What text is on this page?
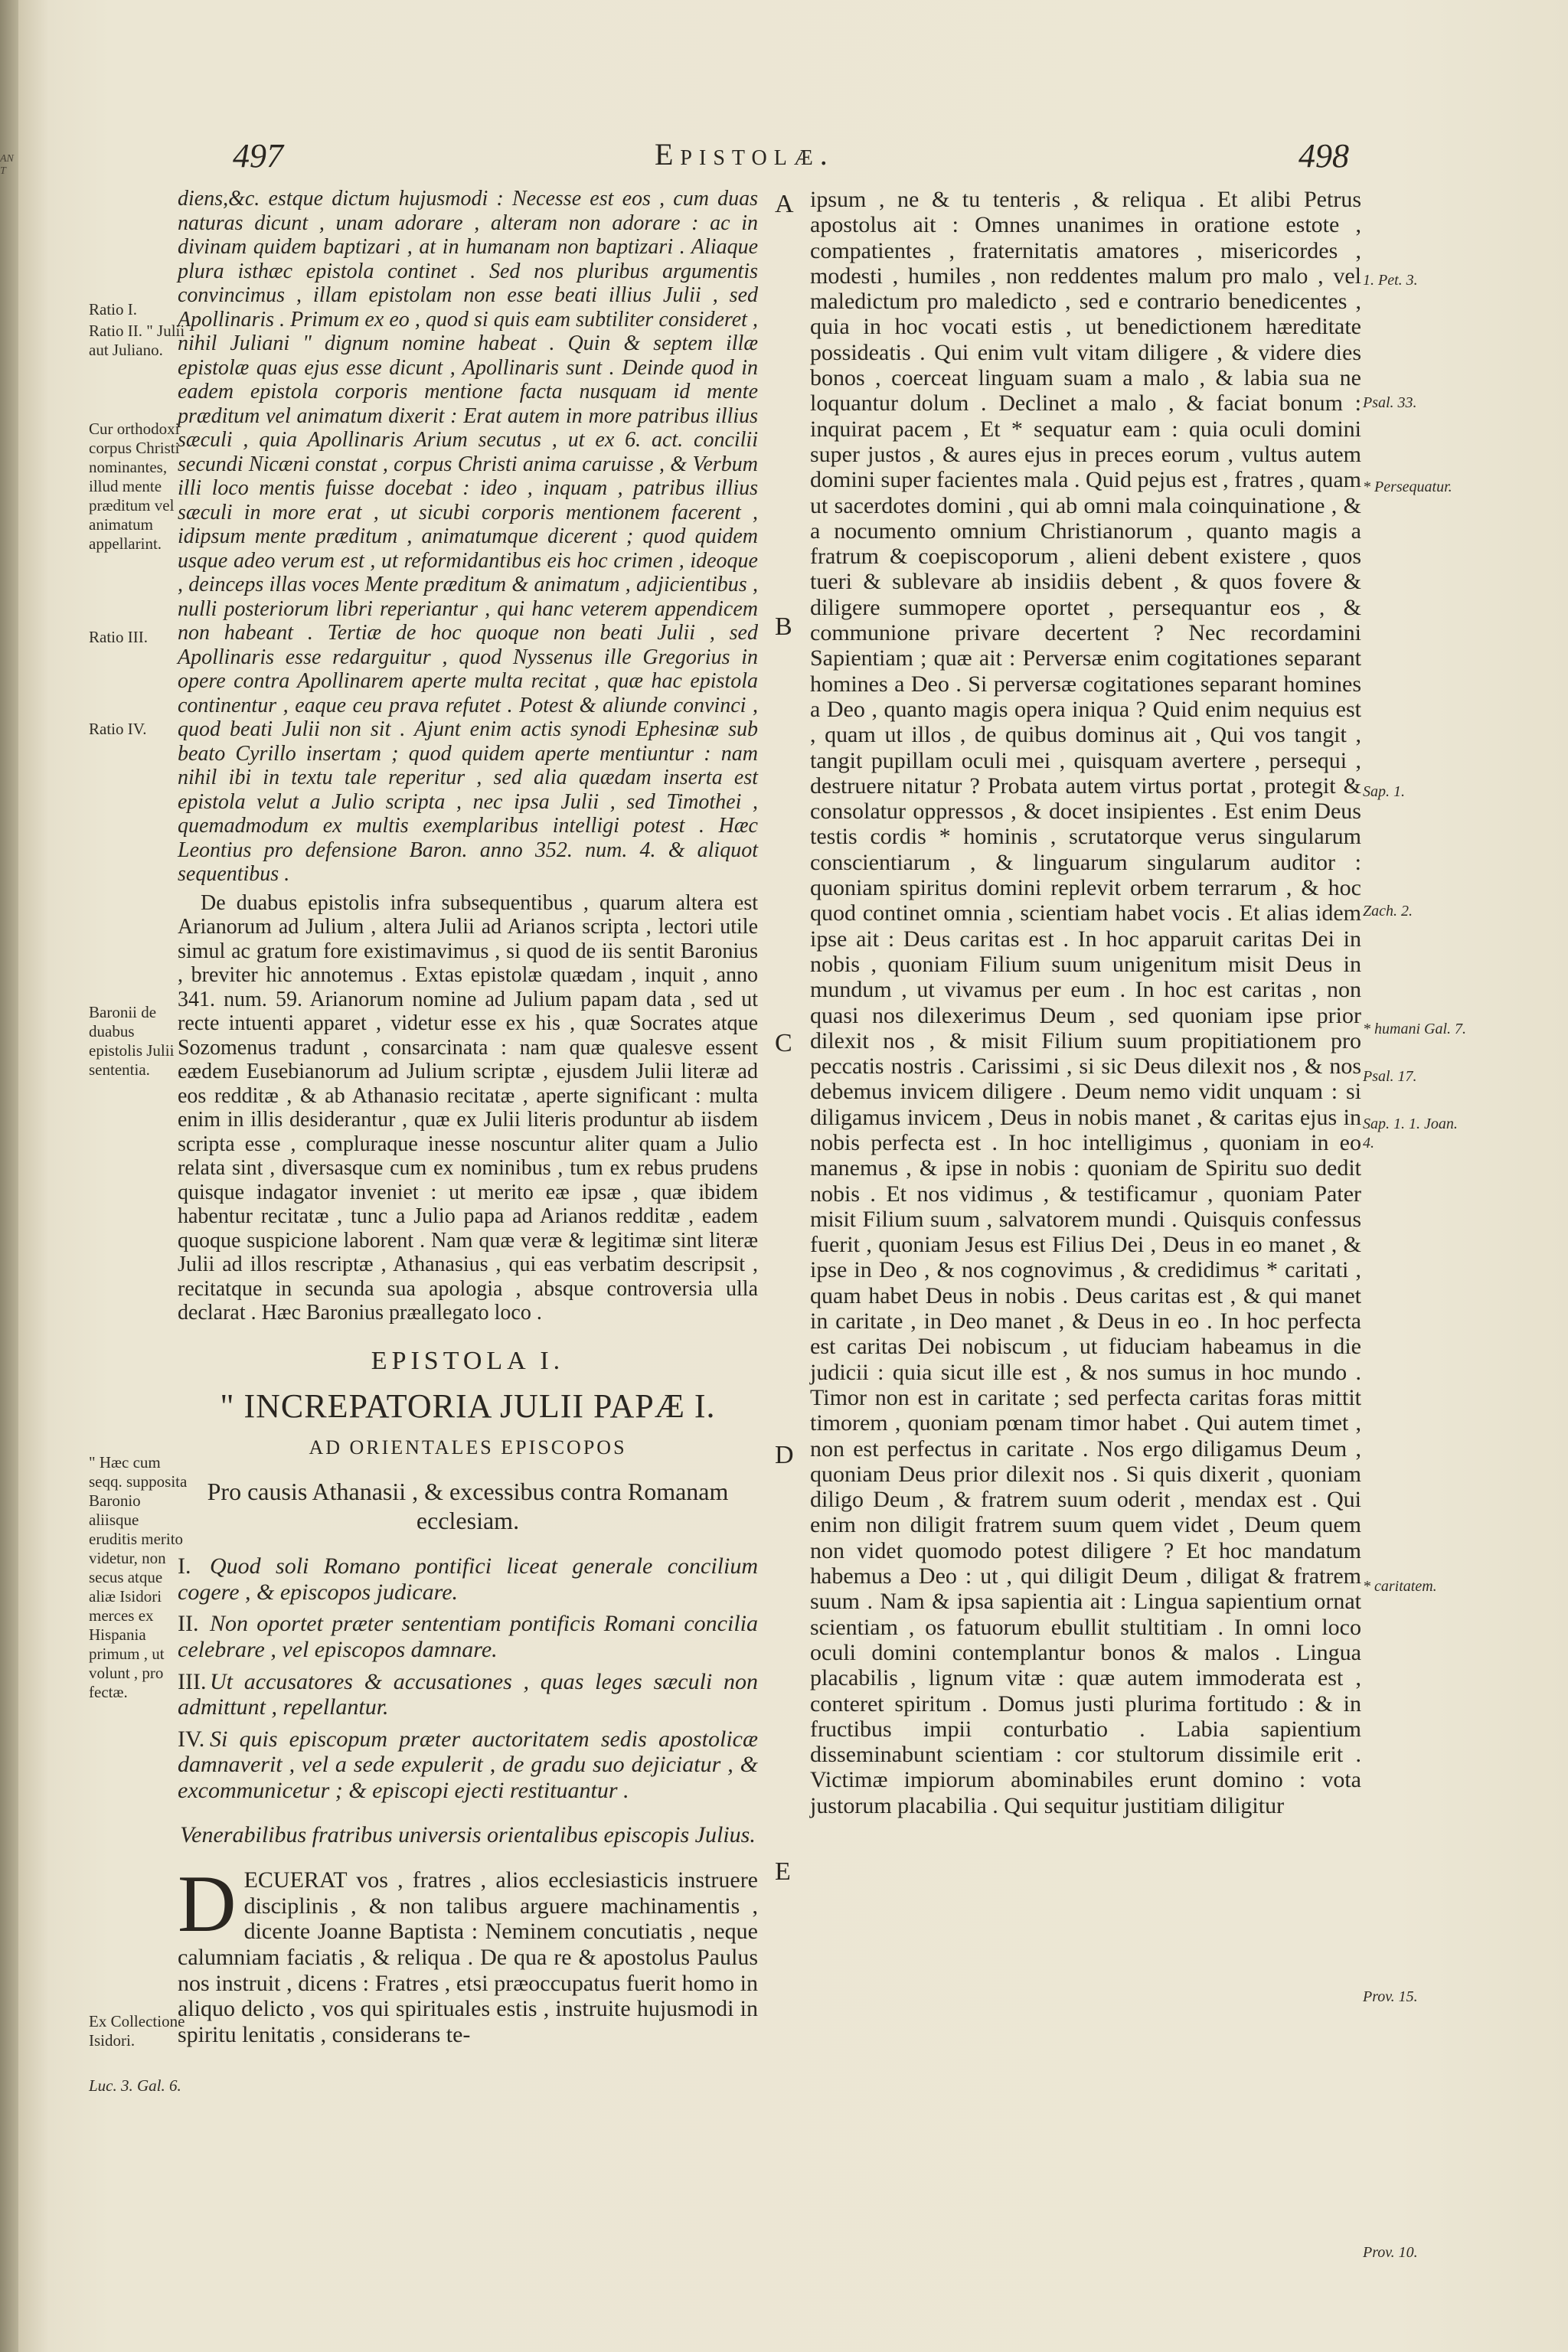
ANT	497	Epistolæ.	498
Ratio I.
Ratio II. " Julii aut Juliano.
Cur orthodoxi corpus Christi nominantes, illud mente præditum vel animatum appellarint.
Ratio III.
Ratio IV.
Baronii de duabus epistolis Julii sententia.
" Hæc cum seqq. supposita Baronio aliisque eruditis merito videtur, non secus atque aliæ Isidori merces ex Hispania primum , ut volunt , pro fectæ.
Ex Collectione Isidori.
Luc. 3. Gal. 6.
A
B
C
D
E
1. Pet. 3.
Psal. 33.
* Persequatur.
Sap. 1.
Zach. 2.
* humani Gal. 7.
Psal. 17.
Sap. 1. 1. Joan. 4.
* caritatem.
Prov. 15.
Prov. 10.

diens,&c. estque dictum hujusmodi : Necesse est eos , cum duas naturas dicunt , unam adorare , alteram non adorare : ac in divinam quidem baptizari , at in humanam non baptizari . Aliaque plura isthæc epistola continet . Sed nos pluribus argumentis convincimus , illam epistolam non esse beati illius Julii , sed Apollinaris . Primum ex eo , quod si quis eam subtiliter consideret , nihil Juliani " dignum nomine habeat . Quin & septem illæ epistolæ quas ejus esse dicunt , Apollinaris sunt . Deinde quod in eadem epistola corporis mentione facta nusquam id mente præditum vel animatum dixerit : Erat autem in more patribus illius sæculi , quia Apollinaris Arium secutus , ut ex 6. act. concilii secundi Nicæni constat , corpus Christi anima caruisse , & Verbum illi loco mentis fuisse docebat : ideo , inquam , patribus illius sæculi in more erat , ut sicubi corporis mentionem facerent , idipsum mente præditum , animatumque dicerent ; quod quidem usque adeo verum est , ut reformidantibus eis hoc crimen , ideoque , deinceps illas voces Mente præditum & animatum , adjicientibus , nulli posteriorum libri reperiantur , qui hanc veterem appendicem non habeant . Tertiæ de hoc quoque non beati Julii , sed Apollinaris esse redarguitur , quod Nyssenus ille Gregorius in opere contra Apollinarem aperte multa recitat , quæ hac epistola continentur , eaque ceu prava refutet . Potest & aliunde convinci , quod beati Julii non sit . Ajunt enim actis synodi Ephesinæ sub beato Cyrillo insertam ; quod quidem aperte mentiuntur : nam nihil ibi in textu tale reperitur , sed alia quædam inserta est epistola velut a Julio scripta , nec ipsa Julii , sed Timothei , quemadmodum ex multis exemplaribus intelligi potest . Hæc Leontius pro defensione Baron. anno 352. num. 4. & aliquot sequentibus .

De duabus epistolis infra subsequentibus , quarum altera est Arianorum ad Julium , altera Julii ad Arianos scripta , lectori utile simul ac gratum fore existimavimus , si quod de iis sentit Baronius , breviter hic annotemus . Extas epistolæ quædam , inquit , anno 341. num. 59. Arianorum nomine ad Julium papam data , sed ut recte intuenti apparet , videtur esse ex his , quæ Socrates atque Sozomenus tradunt , consarcinata : nam quæ qualesve essent eædem Eusebianorum ad Julium scriptæ , ejusdem Julii literæ ad eos redditæ , & ab Athanasio recitatæ , aperte significant : multa enim in illis desiderantur , quæ ex Julii literis produntur ab iisdem scripta esse , compluraque inesse noscuntur aliter quam a Julio relata sint , diversasque cum ex nominibus , tum ex rebus prudens quisque indagator inveniet : ut merito eæ ipsæ , quæ ibidem habentur recitatæ , tunc a Julio papa ad Arianos redditæ , eadem quoque suspicione laborent . Nam quæ veræ & legitimæ sint literæ Julii ad illos rescriptæ , Athanasius , qui eas verbatim descripsit , recitatque in secunda sua apologia , absque controversia ulla declarat . Hæc Baronius præallegato loco .

EPISTOLA I.
" INCREPATORIA JULII PAPÆ I.
AD ORIENTALES EPISCOPOS
Pro causis Athanasii , & excessibus contra Romanam ecclesiam.
I. Quod soli Romano pontifici liceat generale concilium cogere , & episcopos judicare.
II. Non oportet præter sententiam pontificis Romani concilia celebrare , vel episcopos damnare.
III. Ut accusatores & accusationes , quas leges sæculi non admittunt , repellantur.
IV. Si quis episcopum præter auctoritatem sedis apostolicæ damnaverit , vel a sede expulerit , de gradu suo dejiciatur , & excommunicetur ; & episcopi ejecti restituantur .
Venerabilibus fratribus universis orientalibus episcopis Julius.

DECUERAT vos , fratres , alios ecclesiasticis instruere disciplinis , & non talibus arguere machinamentis , dicente Joanne Baptista : Neminem concutiatis , neque calumniam faciatis , & reliqua . De qua re & apostolus Paulus nos instruit , dicens : Fratres , etsi præoccupatus fuerit homo in aliquo delicto , vos qui spirituales estis , instruite hujusmodi in spiritu lenitatis , considerans te-

ipsum , ne & tu tenteris , & reliqua . Et alibi Petrus apostolus ait : Omnes unanimes in oratione estote , compatientes , fraternitatis amatores , misericordes , modesti , humiles , non reddentes malum pro malo , vel maledictum pro maledicto , sed e contrario benedicentes , quia in hoc vocati estis , ut benedictionem hæreditate possideatis . Qui enim vult vitam diligere , & videre dies bonos , coerceat linguam suam a malo , & labia sua ne loquantur dolum . Declinet a malo , & faciat bonum : inquirat pacem , Et * sequatur eam : quia oculi domini super justos , & aures ejus in preces eorum , vultus autem domini super facientes mala . Quid pejus est , fratres , quam ut sacerdotes domini , qui ab omni mala coinquinatione , & a nocumento omnium Christianorum , quanto magis a fratrum & coepiscoporum , alieni debent existere , quos tueri & sublevare ab insidiis debent , & quos fovere & diligere summopere oportet , persequantur eos , & communione privare decertent ? Nec recordamini Sapientiam ; quæ ait : Perversæ enim cogitationes separant homines a Deo . Si perversæ cogitationes separant homines a Deo , quanto magis opera iniqua ? Quid enim nequius est , quam ut illos , de quibus dominus ait , Qui vos tangit , tangit pupillam oculi mei , quisquam avertere , persequi , destruere nitatur ? Probata autem virtus portat , protegit & consolatur oppressos , & docet insipientes . Est enim Deus testis cordis * hominis , scrutatorque verus singularum conscientiarum , & linguarum singularum auditor : quoniam spiritus domini replevit orbem terrarum , & hoc quod continet omnia , scientiam habet vocis . Et alias idem ipse ait : Deus caritas est . In hoc apparuit caritas Dei in nobis , quoniam Filium suum unigenitum misit Deus in mundum , ut vivamus per eum . In hoc est caritas , non quasi nos dilexerimus Deum , sed quoniam ipse prior dilexit nos , & misit Filium suum propitiationem pro peccatis nostris . Carissimi , si sic Deus dilexit nos , & nos debemus invicem diligere . Deum nemo vidit unquam : si diligamus invicem , Deus in nobis manet , & caritas ejus in nobis perfecta est . In hoc intelligimus , quoniam in eo manemus , & ipse in nobis : quoniam de Spiritu suo dedit nobis . Et nos vidimus , & testificamur , quoniam Pater misit Filium suum , salvatorem mundi . Quisquis confessus fuerit , quoniam Jesus est Filius Dei , Deus in eo manet , & ipse in Deo , & nos cognovimus , & credidimus * caritati , quam habet Deus in nobis . Deus caritas est , & qui manet in caritate , in Deo manet , & Deus in eo . In hoc perfecta est caritas Dei nobiscum , ut fiduciam habeamus in die judicii : quia sicut ille est , & nos sumus in hoc mundo . Timor non est in caritate ; sed perfecta caritas foras mittit timorem , quoniam pœnam timor habet . Qui autem timet , non est perfectus in caritate . Nos ergo diligamus Deum , quoniam Deus prior dilexit nos . Si quis dixerit , quoniam diligo Deum , & fratrem suum oderit , mendax est . Qui enim non diligit fratrem suum quem videt , Deum quem non videt quomodo potest diligere ? Et hoc mandatum habemus a Deo : ut , qui diligit Deum , diligat & fratrem suum . Nam & ipsa sapientia ait : Lingua sapientium ornat scientiam , os fatuorum ebullit stultitiam . In omni loco oculi domini contemplantur bonos & malos . Lingua placabilis , lignum vitæ : quæ autem immoderata est , conteret spiritum . Domus justi plurima fortitudo : & in fructibus impii conturbatio . Labia sapientium disseminabunt scientiam : cor stultorum dissimile erit . Victimæ impiorum abominabiles erunt domino : vota justorum placabilia . Qui sequitur justitiam diligitur
